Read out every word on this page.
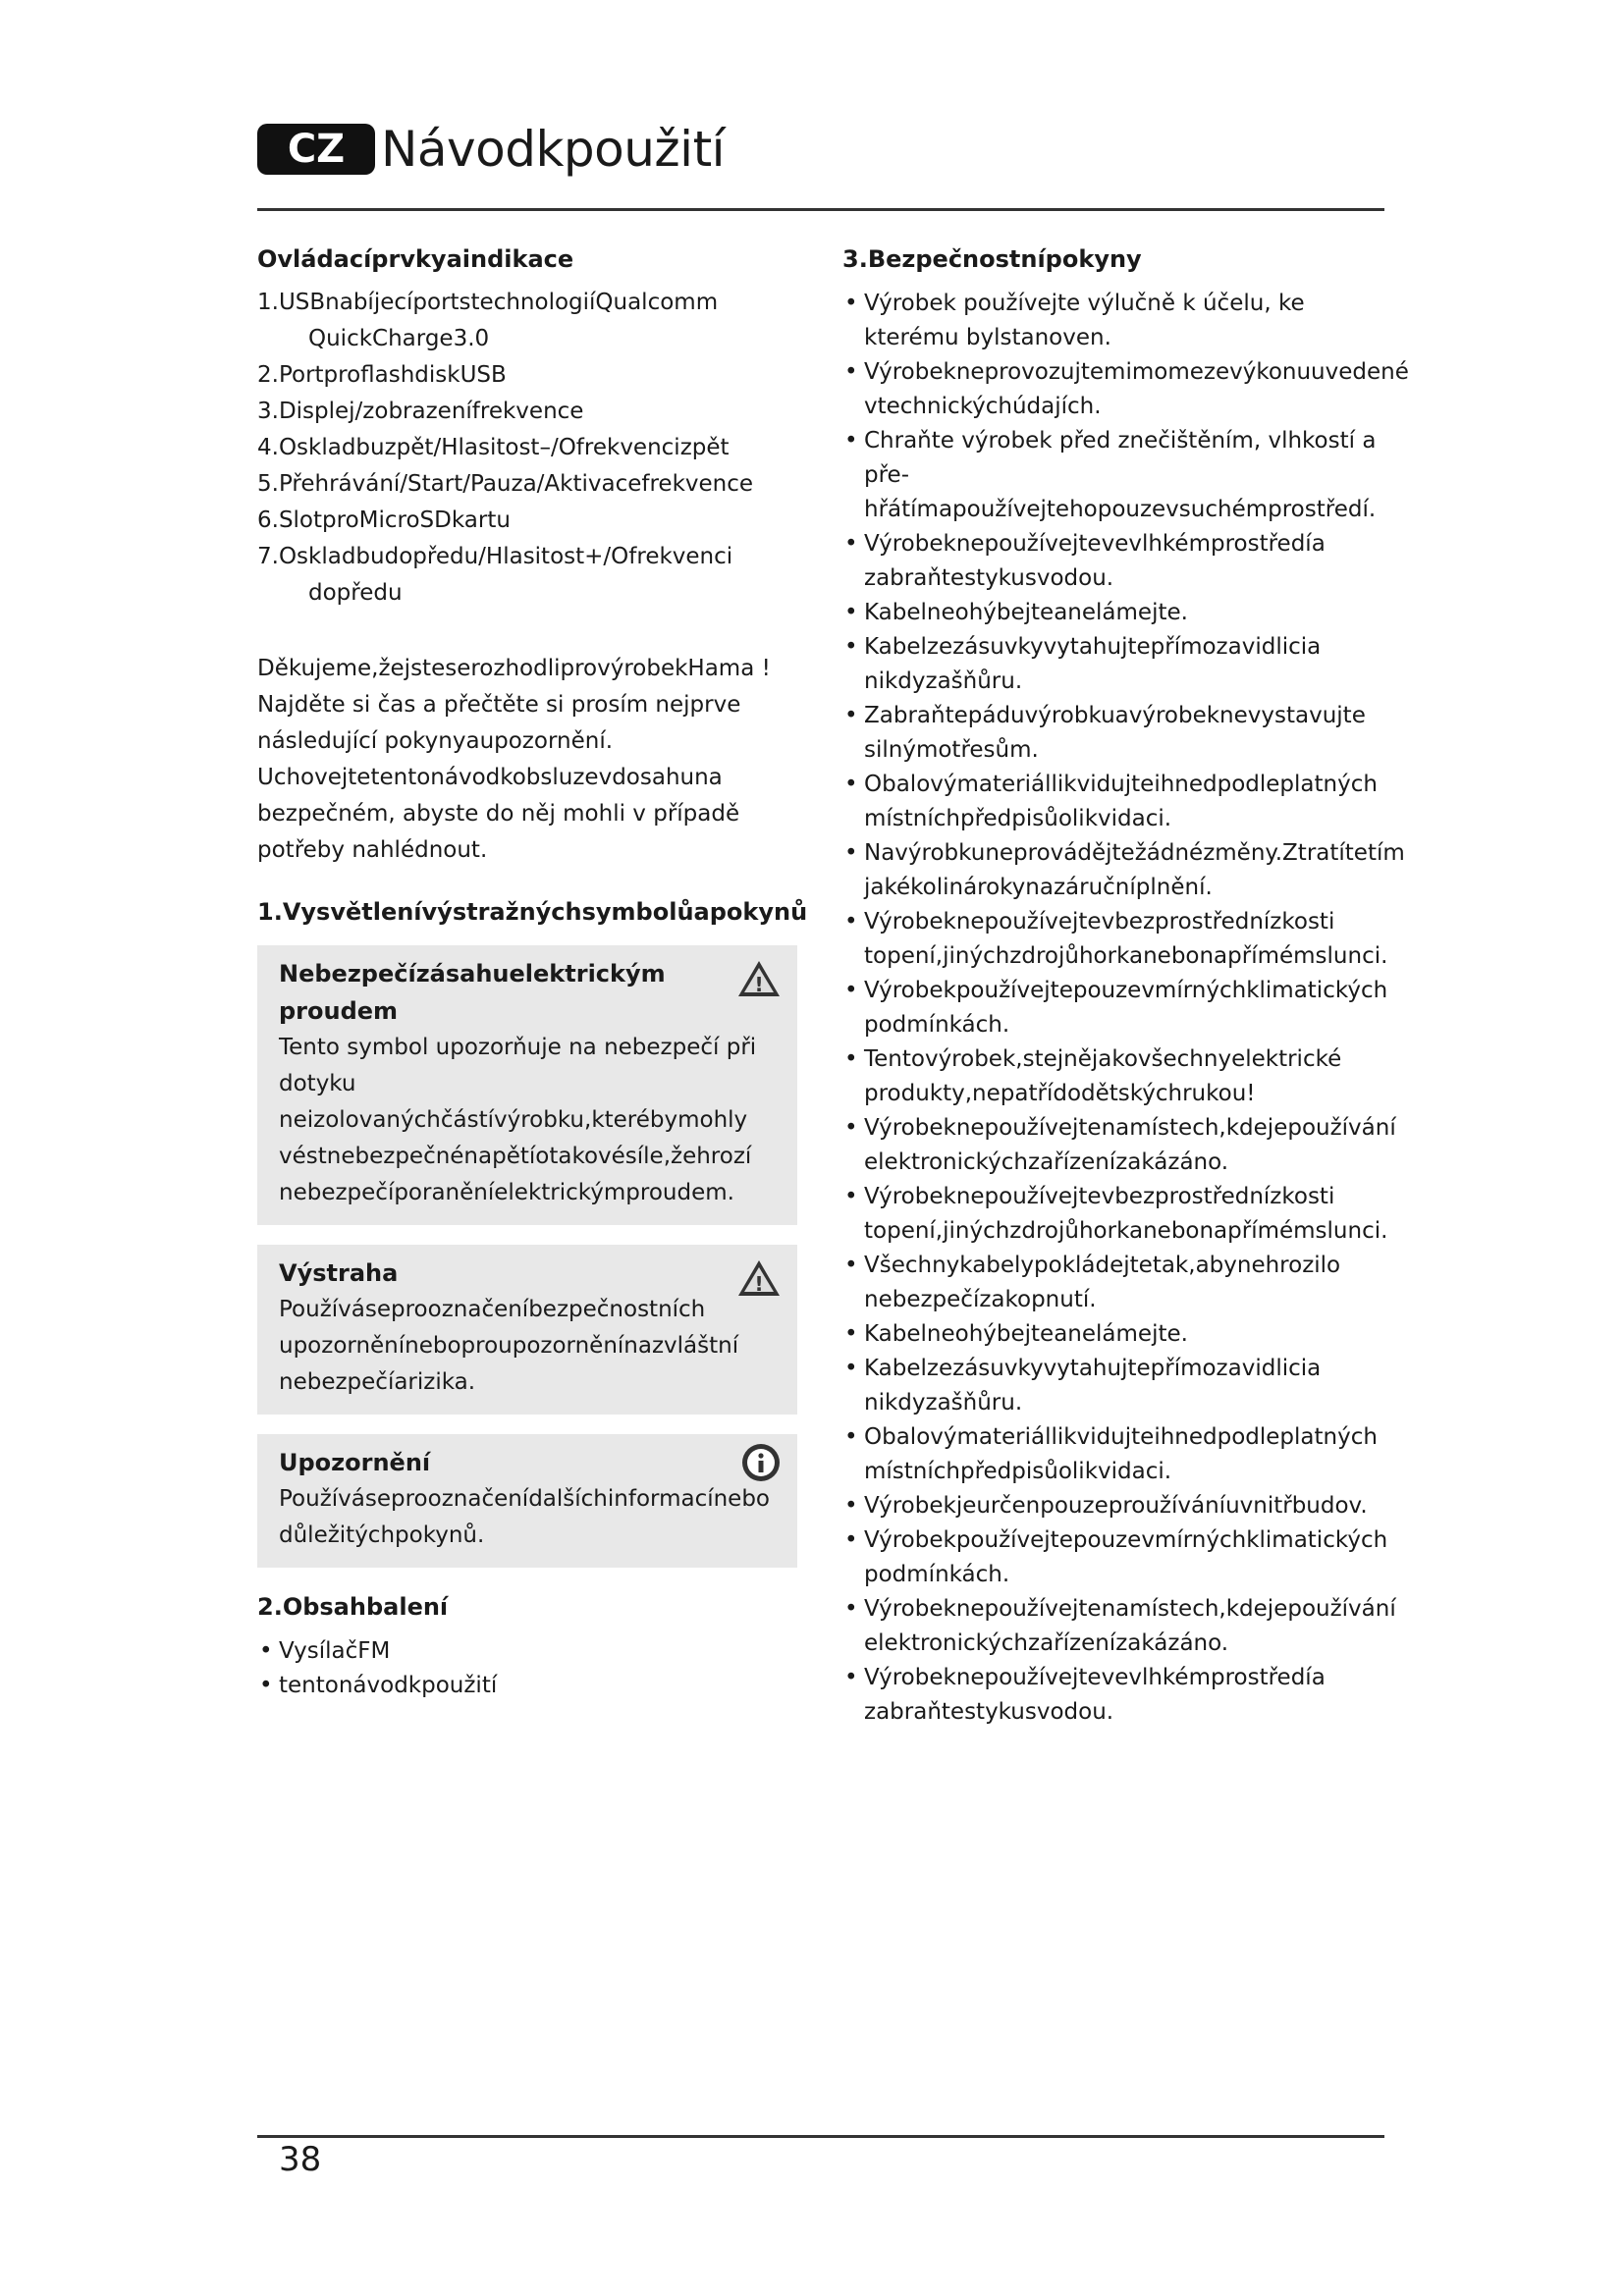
CZ Návodkpoužití
Ovládacíprvkyaindikace
1.USBnabíjecíportstechnologiíQualcomm QuickCharge3.0
2.PortproflashdiskUSB
3.Displej/zobrazenífrekvence
4.Oskladbuzpět/Hlasitost–/Ofrekvencizpět
5.Přehrávání/Start/Pauza/Aktivacefrekvence
6.SlotproMicroSDkartu
7.Oskladbudopředu/Hlasitost+/Ofrekvenci dopředu

Děkujeme,žejsteserozhodliprovýrobekHama !

Najděte si čas a přečtěte si prosím nejprve následující pokynyaupozornění.

Uchovejtetentonávodkobsluzevdosahuna bezpečném, abyste do něj mohli v případě potřeby nahlédnout.

1.Vysvětlenívýstražnýchsymbolůapokynů
Nebezpečízásahuelektrickým proudem
Tento symbol upozorňuje na nebezpečí při dotyku neizolovanýchčástívýrobku,kterébymohly véstnebezpečnénapětíotakovésíle,žehrozí nebezpečíporaněníelektrickýmproudem.
!
Výstraha
Používáseprooznačeníbezpečnostních upozorněníneboproupozorněnínazvláštní nebezpečíarizika.
!
Upozornění
Používáseprooznačenídalšíchinformacínebo důležitýchpokynů.
2.Obsahbalení
• VysílačFM
• tentonávodkpoužití
3.Bezpečnostnípokyny
• Výrobek používejte výlučně k účelu, ke kterému bylstanoven.
• Výrobekneprovozujtemimomezevýkonuuvedené vtechnickýchúdajích.
• Chraňte výrobek před znečištěním, vlhkostí a pře- hřátímapoužívejtehopouzevsuchémprostředí.
• Výrobeknepoužívejtevevlhkémprostředía zabraňtestykusvodou.
• Kabelneohýbejteanelámejte.
• Kabelzezásuvkyvytahujtepřímozavidlicia nikdyzašňůru.
• Zabraňtepáduvýrobkuavýrobeknevystavujte silnýmotřesům.
• Obalovýmateriállikvidujteihnedpodleplatných místníchpředpisůolikvidaci.
• Navýrobkuneprovádějtežádnézměny.Ztratítetím jakékolinárokynazáručníplnění.
• Výrobeknepoužívejtevbezprostřednízkosti topení,jinýchzdrojůhorkanebonapřímémslunci.
• Výrobekpoužívejtepouzevmírnýchklimatických podmínkách.
• Tentovýrobek,stejnějakovšechnyelektrické produkty,nepatřídodětskýchrukou!
• Výrobeknepoužívejtenamístech,kdejepoužívání elektronickýchzařízenízakázáno.
• Výrobeknepoužívejtevbezprostřednízkosti topení,jinýchzdrojůhorkanebonapřímémslunci.
• Všechnykabelypokládejtetak,abynehrozilo nebezpečízakopnutí.
• Kabelneohýbejteanelámejte.
• Kabelzezásuvkyvytahujtepřímozavidlicia nikdyzašňůru.
• Obalovýmateriállikvidujteihnedpodleplatných místníchpředpisůolikvidaci.
• Výrobekjeurčenpouzeproužíváníuvnitřbudov.
• Výrobekpoužívejtepouzevmírnýchklimatických podmínkách.
• Výrobeknepoužívejtenamístech,kdejepoužívání elektronickýchzařízenízakázáno.
• Výrobeknepoužívejtevevlhkémprostředía zabraňtestykusvodou.
38
